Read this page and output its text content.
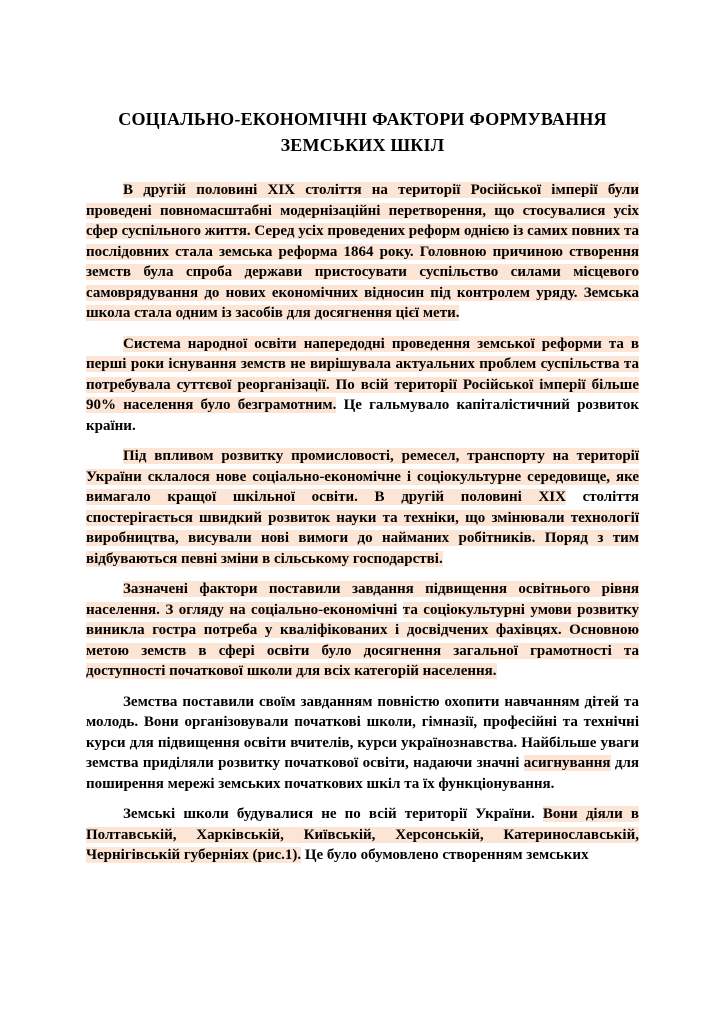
СОЦІАЛЬНО-ЕКОНОМІЧНІ ФАКТОРИ ФОРМУВАННЯ ЗЕМСЬКИХ ШКІЛ

В другій половині XIX століття на території Російської імперії були проведені повномасштабні модернізаційні перетворення, що стосувалися усіх сфер суспільного життя. Серед усіх проведених реформ однією із самих повних та послідовних стала земська реформа 1864 року. Головною причиною створення земств була спроба держави пристосувати суспільство силами місцевого самоврядування до нових економічних відносин під контролем уряду. Земська школа стала одним із засобів для досягнення цієї мети.

Система народної освіти напередодні проведення земської реформи та в перші роки існування земств не вирішувала актуальних проблем суспільства та потребувала суттєвої реорганізації. По всій території Російської імперії більше 90% населення було безграмотним. Це гальмувало капіталістичний розвиток країни.

Під впливом розвитку промисловості, ремесел, транспорту на території України склалося нове соціально-економічне і соціокультурне середовище, яке вимагало кращої шкільної освіти. В другій половині XIX століття спостерігається швидкий розвиток науки та техніки, що змінювали технології виробництва, висували нові вимоги до найманих робітників. Поряд з тим відбуваються певні зміни в сільському господарстві.

Зазначені фактори поставили завдання підвищення освітнього рівня населення. З огляду на соціально-економічні та соціокультурні умови розвитку виникла гостра потреба у кваліфікованих і досвідчених фахівцях. Основною метою земств в сфері освіти було досягнення загальної грамотності та доступності початкової школи для всіх категорій населення.

Земства поставили своїм завданням повністю охопити навчанням дітей та молодь. Вони організовували початкові школи, гімназії, професійні та технічні курси для підвищення освіти вчителів, курси українознавства. Найбільше уваги земства приділяли розвитку початкової освіти, надаючи значні асигнування для поширення мережі земських початкових шкіл та їх функціонування.

Земські школи будувалися не по всій території України. Вони діяли в Полтавській, Харківській, Київській, Херсонській, Катеринославській, Чернігівській губерніях (рис.1). Це було обумовлено створенням земських
